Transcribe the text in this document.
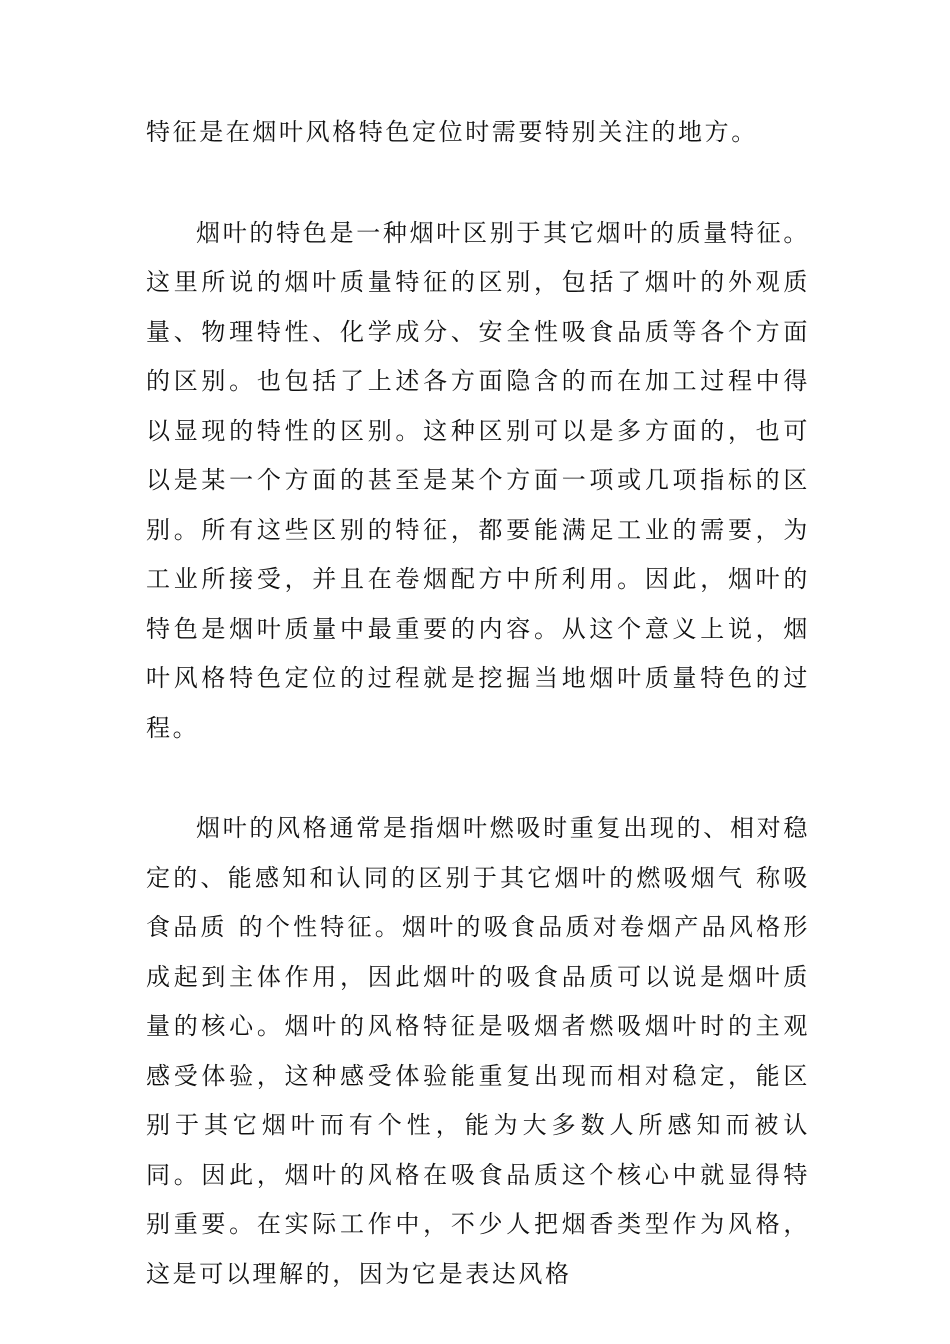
特征是在烟叶风格特色定位时需要特别关注的地方。

烟叶的特色是一种烟叶区别于其它烟叶的质量特征。这里所说的烟叶质量特征的区别，包括了烟叶的外观质量、物理特性、化学成分、安全性吸食品质等各个方面的区别。也包括了上述各方面隐含的而在加工过程中得以显现的特性的区别。这种区别可以是多方面的，也可以是某一个方面的甚至是某个方面一项或几项指标的区别。所有这些区别的特征，都要能满足工业的需要，为工业所接受，并且在卷烟配方中所利用。因此，烟叶的特色是烟叶质量中最重要的内容。从这个意义上说，烟叶风格特色定位的过程就是挖掘当地烟叶质量特色的过程。

烟叶的风格通常是指烟叶燃吸时重复出现的、相对稳定的、能感知和认同的区别于其它烟叶的燃吸烟气 称吸食品质 的个性特征。烟叶的吸食品质对卷烟产品风格形成起到主体作用，因此烟叶的吸食品质可以说是烟叶质量的核心。烟叶的风格特征是吸烟者燃吸烟叶时的主观感受体验，这种感受体验能重复出现而相对稳定，能区别于其它烟叶而有个性，能为大多数人所感知而被认同。因此，烟叶的风格在吸食品质这个核心中就显得特别重要。在实际工作中，不少人把烟香类型作为风格，这是可以理解的，因为它是表达风格
